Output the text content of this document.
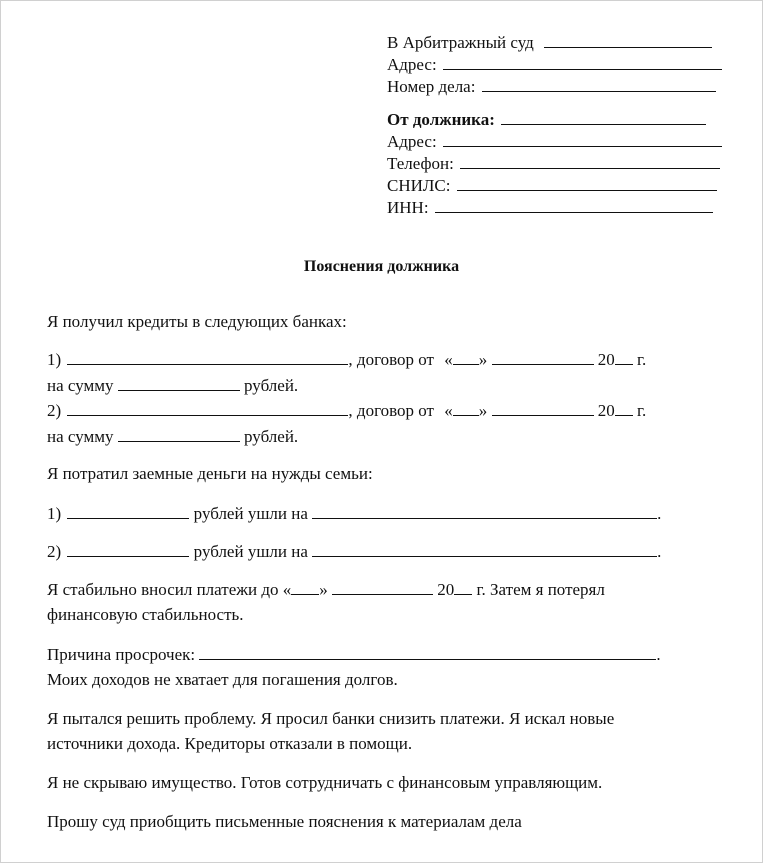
В Арбитражный суд
Адрес:
Номер дела:
От должника:
Адрес:
Телефон:
СНИЛС:
ИНН:
Пояснения должника
Я получил кредиты в следующих банках:
1)	, договор от « »	20 г.
на сумму	рублей.
2)	, договор от « »	20 г.
на сумму	рублей.
Я потратил заемные деньги на нужды семьи:
1)	рублей ушли на	.
2)	рублей ушли на	.
Я стабильно вносил платежи до « »	20 г. Затем я потерял
финансовую стабильность.
Причина просрочек:	.
Моих доходов не хватает для погашения долгов.
Я пытался решить проблему. Я просил банки снизить платежи. Я искал новые
источники дохода. Кредиторы отказали в помощи.
Я не скрываю имущество. Готов сотрудничать с финансовым управляющим.
Прошу суд приобщить письменные пояснения к материалам дела
